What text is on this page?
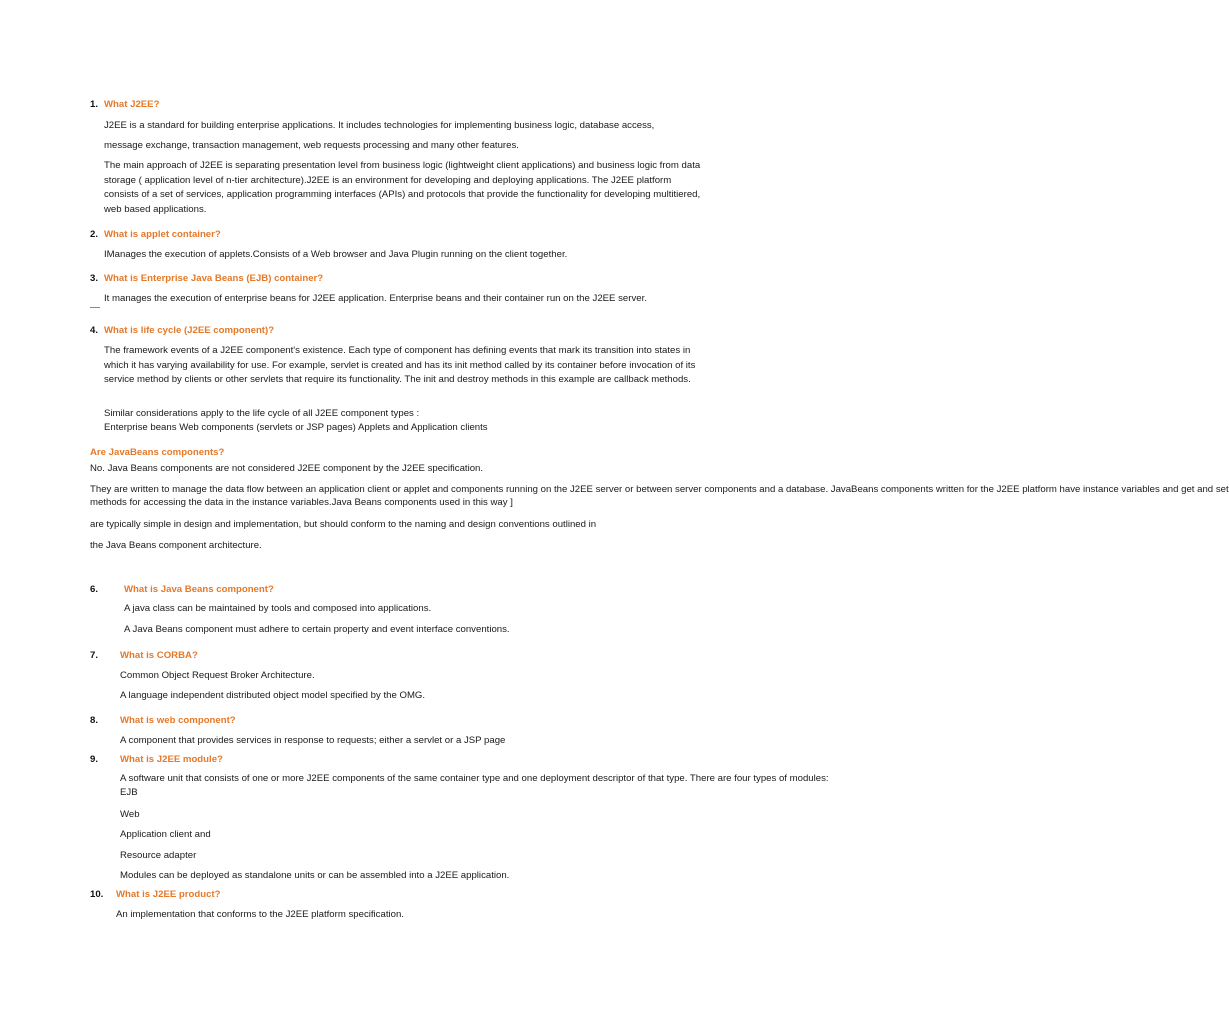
1. What J2EE?
J2EE is a standard for building enterprise applications. It includes technologies for implementing business logic, database access,
message exchange, transaction management, web requests processing and many other features.
The main approach of J2EE is separating presentation level from business logic (lightweight client applications) and business logic from data storage ( application level of n-tier architecture).J2EE is an environment for developing and deploying applications. The J2EE platform consists of a set of services, application programming interfaces (APIs) and protocols that provide the functionality for developing multitiered, web based applications.
2. What is applet container?
IManages the execution of applets.Consists of a Web browser and Java Plugin running on the client together.
3. What is Enterprise Java Beans (EJB) container?
It manages the execution of enterprise beans for J2EE application. Enterprise beans and their container run on the J2EE server.
4. What is life cycle (J2EE component)?
The framework events of a J2EE component's existence. Each type of component has defining events that mark its transition into states in which it has varying availability for use. For example, servlet is created and has its init method called by its container before invocation of its service method by clients or other servlets that require its functionality. The init and destroy methods in this example are callback methods.
Similar considerations apply to the life cycle of all J2EE component types :
Enterprise beans Web components (servlets or JSP pages) Applets and Application clients
Are JavaBeans components?
No. Java Beans components are not considered J2EE component by the J2EE specification.
They are written to manage the data flow between an application client or applet and components running on the J2EE server or between server components and a database. JavaBeans components written for the J2EE platform have instance variables and get and set
methods for accessing the data in the instance variables.Java Beans components used in this way ]
are typically simple in design and implementation, but should conform to the naming and design conventions outlined in
the Java Beans component architecture.
6.	What is Java Beans component?
A java class can be maintained by tools and composed into applications.
A Java Beans component must adhere to certain property and event interface conventions.
7. What is CORBA?
Common Object Request Broker Architecture.
A language independent distributed object model specified by the OMG.
8. What is web component?
A component that provides services in response to requests; either a servlet or a JSP page
9. What is J2EE module?
A software unit that consists of one or more J2EE components of the same container type and one deployment descriptor of that type. There are four types of modules:
EJB
Web
Application client and
Resource adapter
Modules can be deployed as standalone units or can be assembled into a J2EE application.
10. What is J2EE product?
An implementation that conforms to the J2EE platform specification.
